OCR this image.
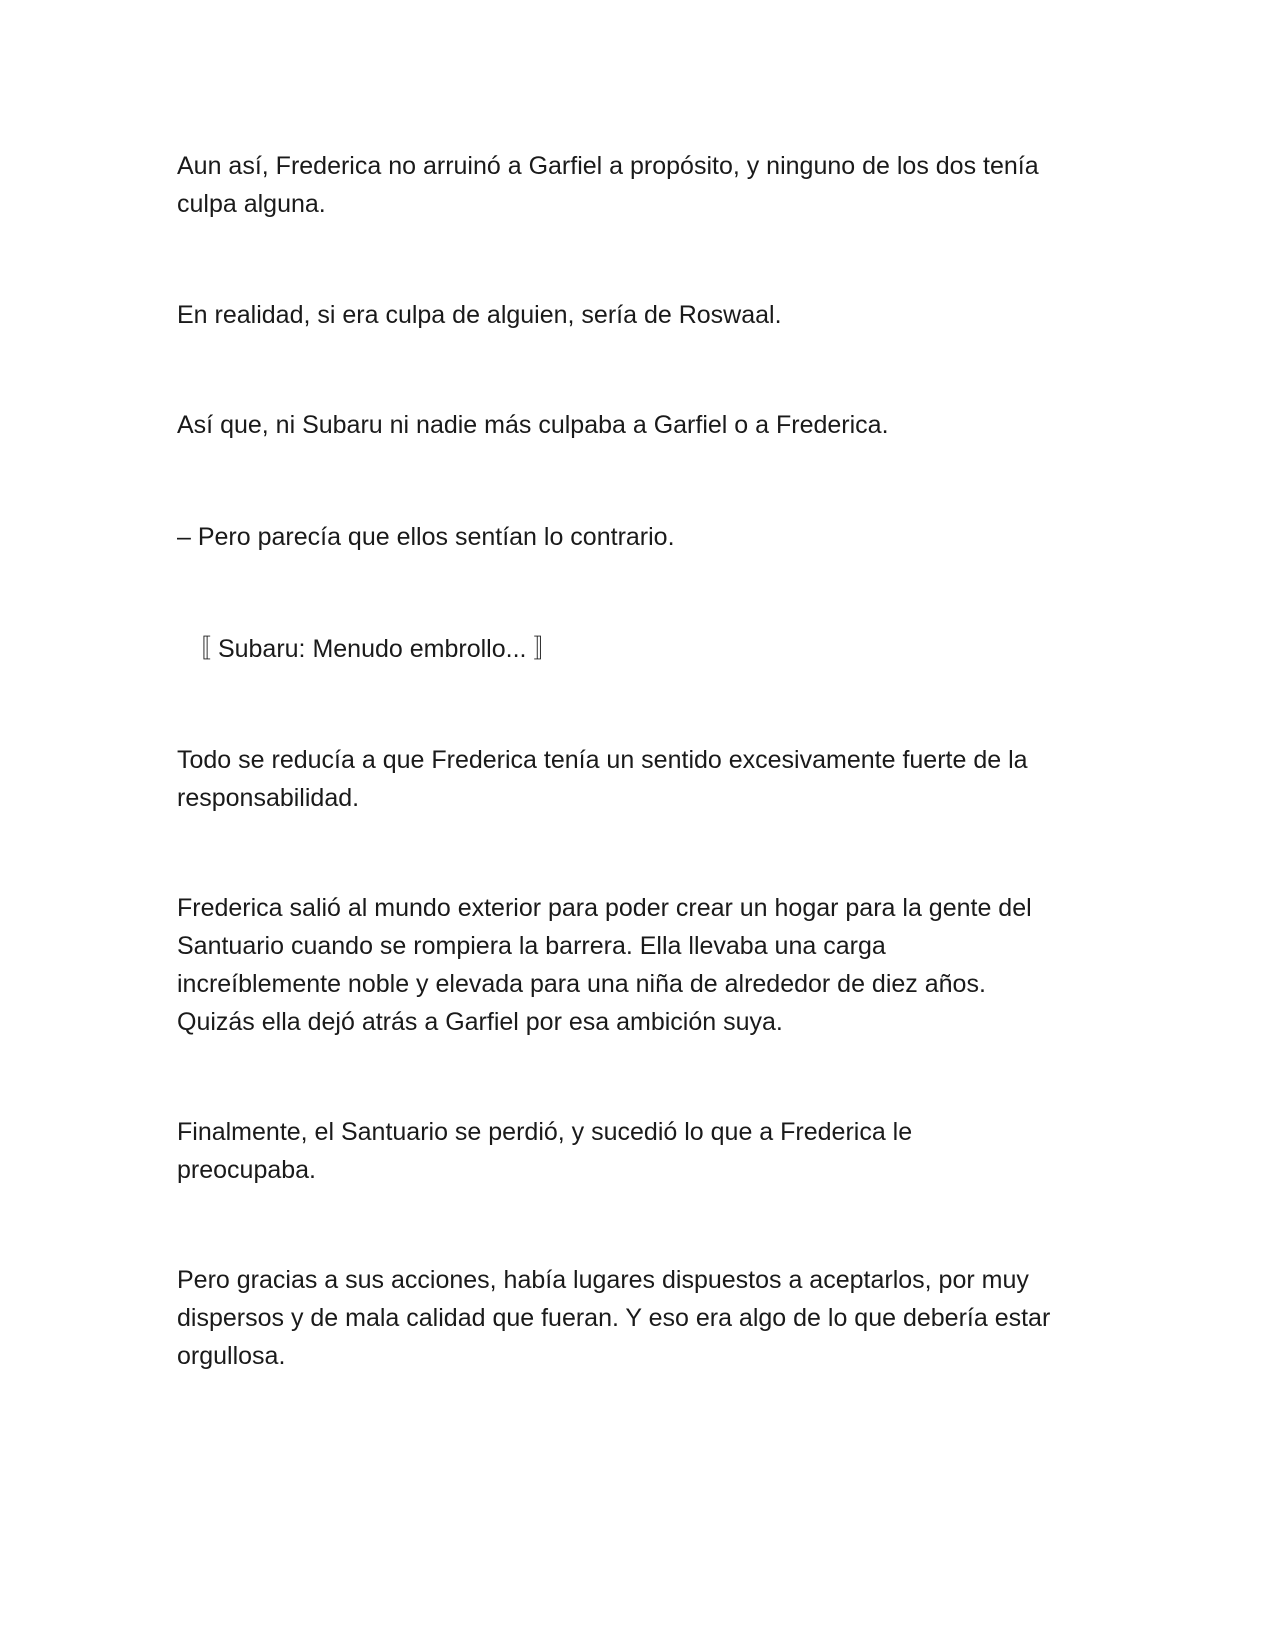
Aun así, Frederica no arruinó a Garfiel a propósito, y ninguno de los dos tenía
culpa alguna.

En realidad, si era culpa de alguien, sería de Roswaal.

Así que, ni Subaru ni nadie más culpaba a Garfiel o a Frederica.

– Pero parecía que ellos sentían lo contrario.

〚 Subaru: Menudo embrollo... 〛

Todo se reducía a que Frederica tenía un sentido excesivamente fuerte de la
responsabilidad.

Frederica salió al mundo exterior para poder crear un hogar para la gente del
Santuario cuando se rompiera la barrera. Ella llevaba una carga
increíblemente noble y elevada para una niña de alrededor de diez años.
Quizás ella dejó atrás a Garfiel por esa ambición suya.

Finalmente, el Santuario se perdió, y sucedió lo que a Frederica le
preocupaba.

Pero gracias a sus acciones, había lugares dispuestos a aceptarlos, por muy
dispersos y de mala calidad que fueran. Y eso era algo de lo que debería estar
orgullosa.
